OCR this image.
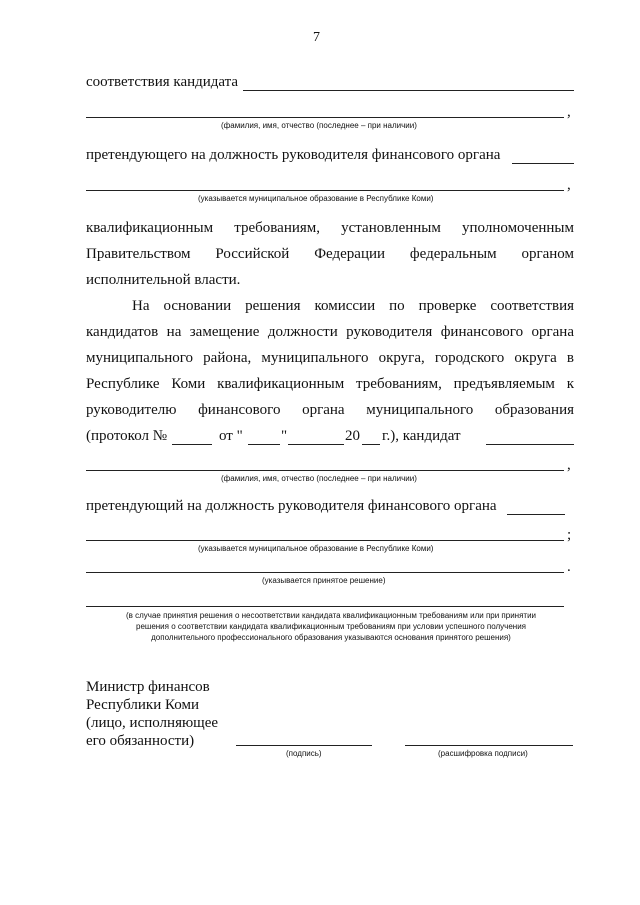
7
соответствия кандидата
,
(фамилия, имя, отчество (последнее – при наличии)
претендующего на должность руководителя финансового органа
,
(указывается муниципальное образование в Республике Коми)
квалификационным требованиям, установленным уполномоченным
Правительством Российской Федерации федеральным органом
исполнительной власти.
На основании решения комиссии по проверке соответствия
кандидатов на замещение должности руководителя финансового органа
муниципального района, муниципального округа, городского округа в
Республике Коми квалификационным требованиям, предъявляемым к
руководителю финансового органа муниципального образования
(протокол №	от "	"	20 г.), кандидат
,
(фамилия, имя, отчество (последнее – при наличии)
претендующий на должность руководителя финансового органа
;
(указывается муниципальное образование в Республике Коми)
.
(указывается принятое решение)
(в случае принятия решения о несоответствии кандидата квалификационным требованиям или при принятии
решения о соответствии кандидата квалификационным требованиям при условии успешного получения
дополнительного профессионального образования указываются основания принятого решения)
Министр финансов
Республики Коми
(лицо, исполняющее
его обязанности)
(подпись)	(расшифровка подписи)
